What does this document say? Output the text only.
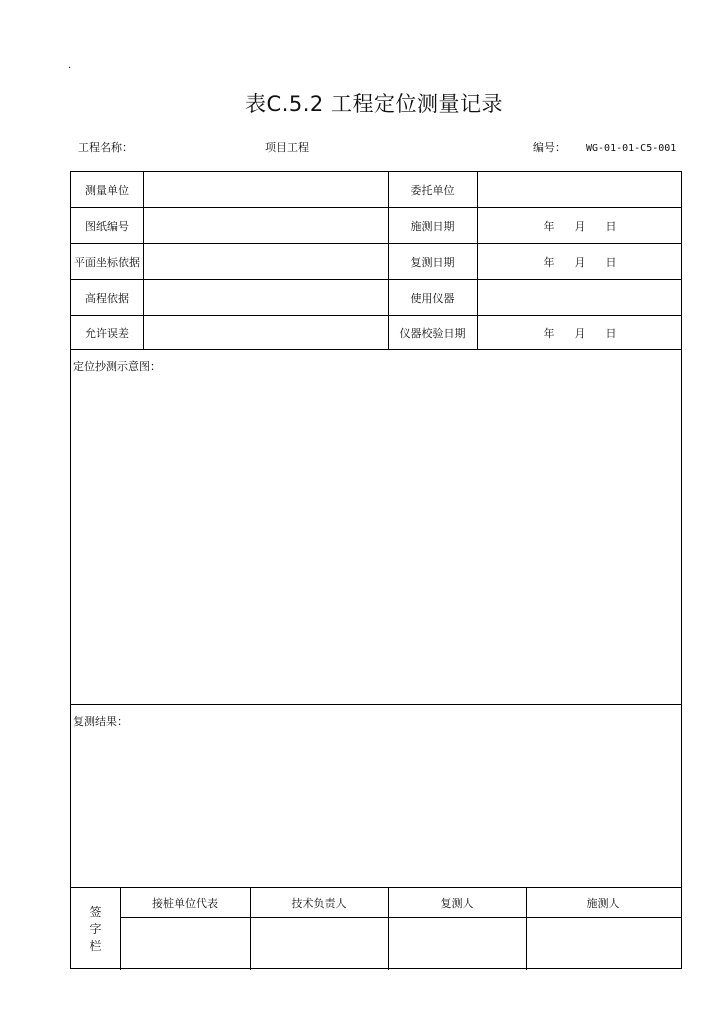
·
表C.5.2 工程定位测量记录
工程名称：	项目工程	编号： WG-01-01-C5-001
测量单位	委托单位
图纸编号	施测日期	年 月 日
平面坐标依据	复测日期	年 月 日
高程依据	使用仪器
允许误差	仪器校验日期	年 月 日
定位抄测示意图：
复测结果：
签
字
栏
接桩单位代表	技术负责人	复测人	施测人
